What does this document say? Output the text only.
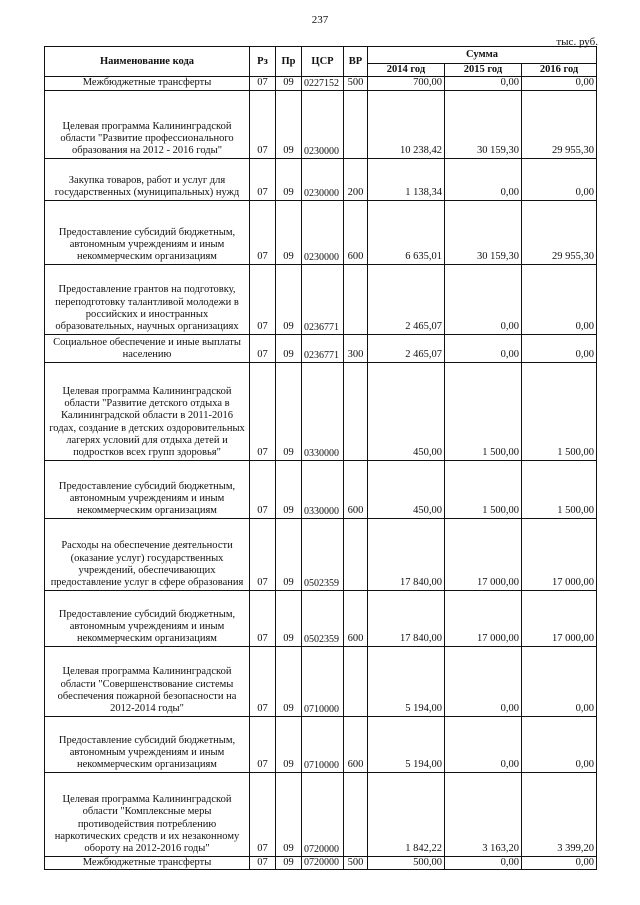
237
тыс. руб.
Наименование кода	Рз	Пр	ЦСР	ВР	Сумма		
					2014 год	2015 год	2016 год
Межбюджетные трансферты	07	09	0227152	500	700,00	0,00	0,00
Целевая программа Калининградской области "Развитие профессионального образования на 2012 - 2016 годы"	07	09	0230000		10 238,42	30 159,30	29 955,30
Закупка товаров, работ и услуг для государственных (муниципальных) нужд	07	09	0230000	200	1 138,34	0,00	0,00
Предоставление субсидий бюджетным, автономным учреждениям и иным некоммерческим организациям	07	09	0230000	600	6 635,01	30 159,30	29 955,30
Предоставление грантов на подготовку, переподготовку талантливой молодежи в российских и иностранных образовательных, научных организациях	07	09	0236771		2 465,07	0,00	0,00
Социальное обеспечение и иные выплаты населению	07	09	0236771	300	2 465,07	0,00	0,00
Целевая программа Калининградской области "Развитие детского отдыха в Калининградской области в 2011-2016 годах, создание в детских оздоровительных лагерях условий для отдыха детей и подростков всех групп здоровья"	07	09	0330000		450,00	1 500,00	1 500,00
Предоставление субсидий бюджетным, автономным учреждениям и иным некоммерческим организациям	07	09	0330000	600	450,00	1 500,00	1 500,00
Расходы на обеспечение деятельности (оказание услуг) государственных учреждений, обеспечивающих предоставление услуг в сфере образования	07	09	0502359		17 840,00	17 000,00	17 000,00
Предоставление субсидий бюджетным, автономным учреждениям и иным некоммерческим организациям	07	09	0502359	600	17 840,00	17 000,00	17 000,00
Целевая программа Калининградской области "Совершенствование системы обеспечения пожарной безопасности на 2012-2014 годы"	07	09	0710000		5 194,00	0,00	0,00
Предоставление субсидий бюджетным, автономным учреждениям и иным некоммерческим организациям	07	09	0710000	600	5 194,00	0,00	0,00
Целевая программа Калининградской области "Комплексные меры противодействия потреблению наркотических средств и их незаконному обороту на 2012-2016 годы"	07	09	0720000		1 842,22	3 163,20	3 399,20
Межбюджетные трансферты	07	09	0720000	500	500,00	0,00	0,00
